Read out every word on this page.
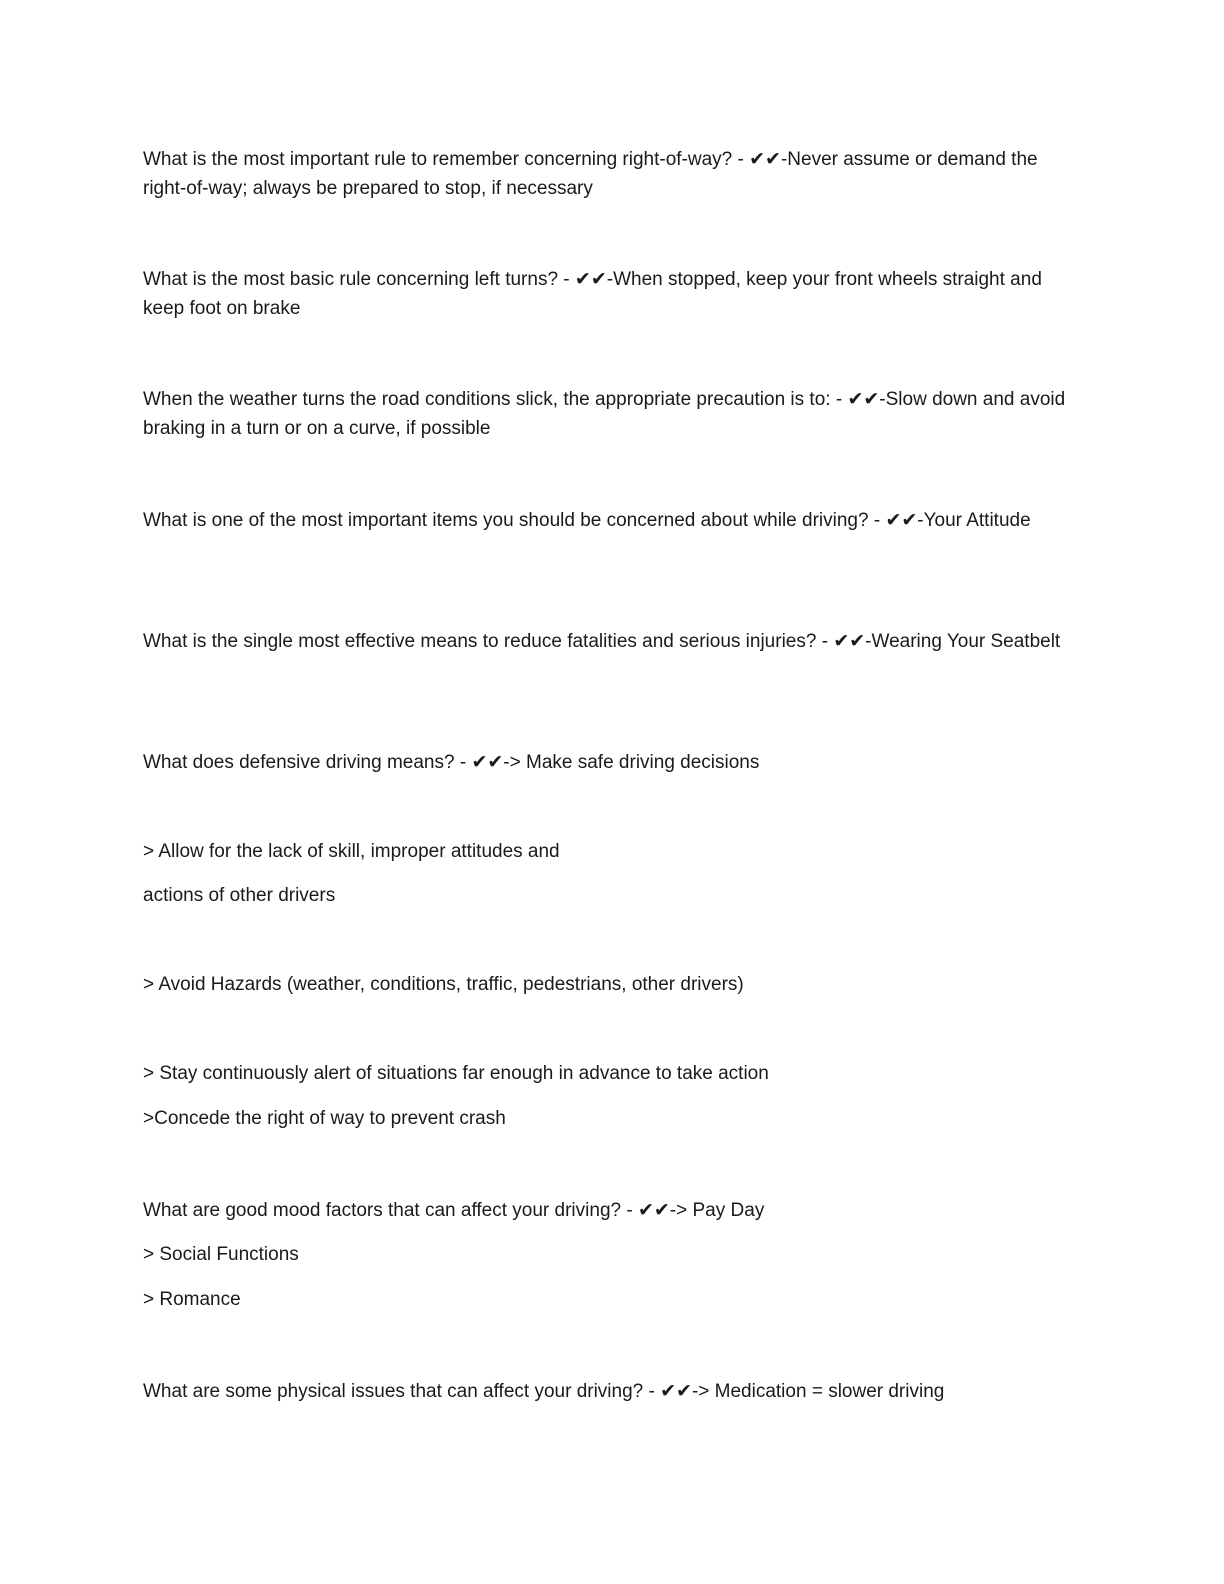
What is the most important rule to remember concerning right-of-way? - ✔✔-Never assume or demand the right-of-way; always be prepared to stop, if necessary
What is the most basic rule concerning left turns? - ✔✔-When stopped, keep your front wheels straight and keep foot on brake
When the weather turns the road conditions slick, the appropriate precaution is to: - ✔✔-Slow down and avoid braking in a turn or on a curve, if possible
What is one of the most important items you should be concerned about while driving? - ✔✔-Your Attitude
What is the single most effective means to reduce fatalities and serious injuries? - ✔✔-Wearing Your Seatbelt
What does defensive driving means? - ✔✔-> Make safe driving decisions
> Allow for the lack of skill, improper attitudes and
actions of other drivers
> Avoid Hazards (weather, conditions, traffic, pedestrians, other drivers)
> Stay continuously alert of situations far enough in advance to take action
>Concede the right of way to prevent crash
What are good mood factors that can affect your driving? - ✔✔-> Pay Day
> Social Functions
> Romance
What are some physical issues that can affect your driving? - ✔✔-> Medication = slower driving
